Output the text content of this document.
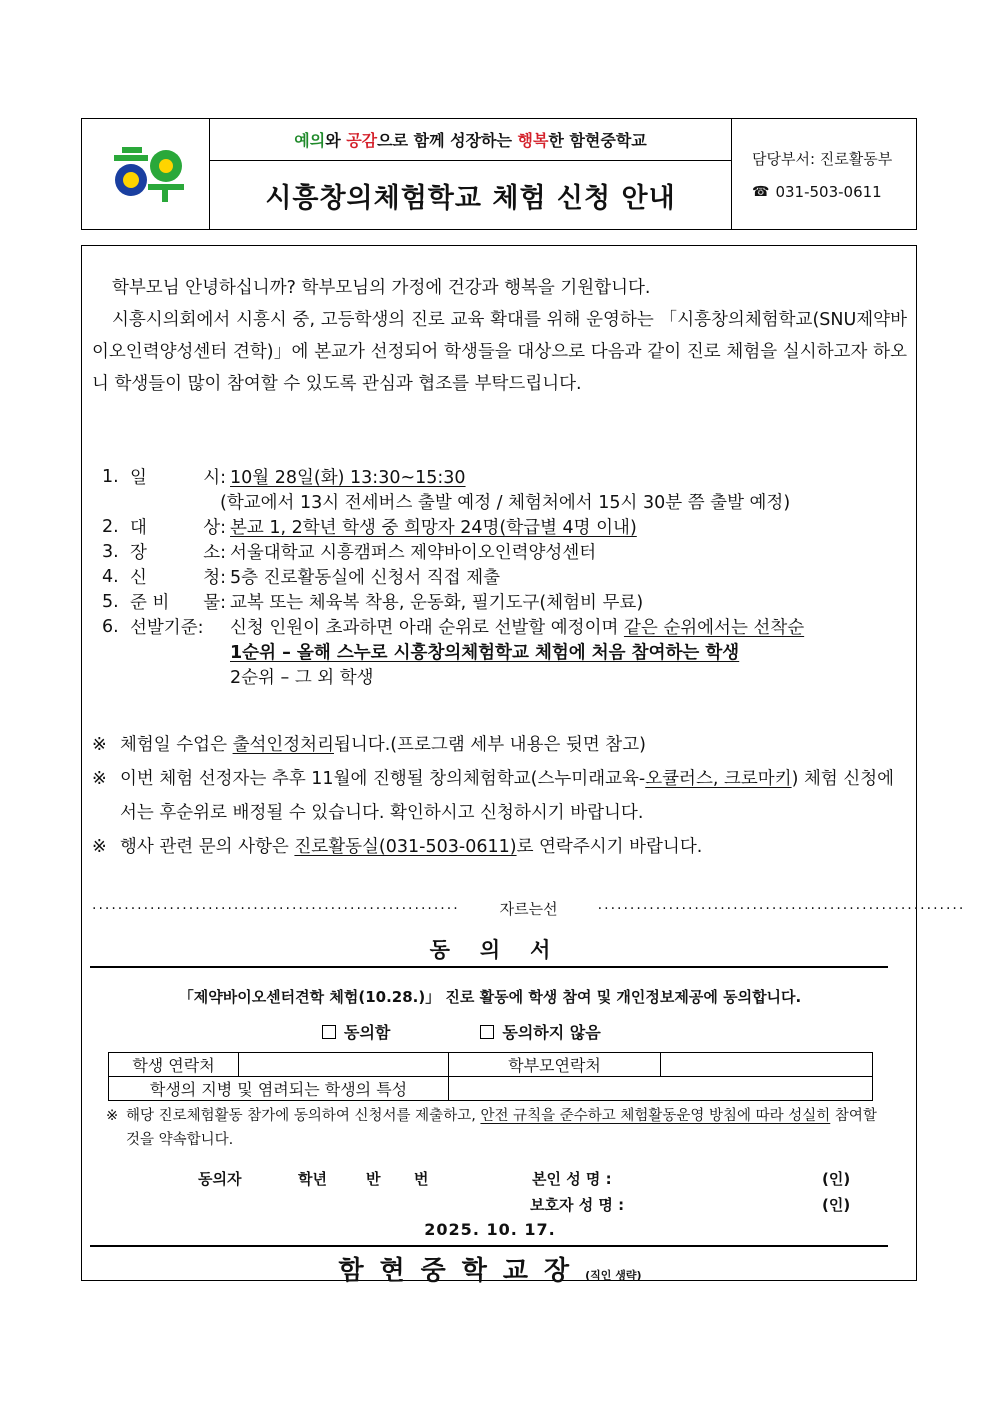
예의 와 공감 으로 함께 성장하는 행복 한 함현중학교
시흥창의체험학교 체험 신청 안내
담당부서: 진로활동부
☎ 031-503-0611

학부모님 안녕하십니까? 학부모님의 가정에 건강과 행복을 기원합니다.

시흥시의회에서 시흥시 중, 고등학생의 진로 교육 확대를 위해 운영하는 「시흥창의체험학교(SNU제약바이오인력양성센터 견학)」에 본교가 선정되어 학생들을 대상으로 다음과 같이 진로 체험을 실시하고자 하오니 학생들이 많이 참여할 수 있도록 관심과 협조를 부탁드립니다.

1. 일	시: 10월 28일(화) 13:30~15:30
(학교에서 13시 전세버스 출발 예정 / 체험처에서 15시 30분 쯤 출발 예정)
2. 대	상: 본교 1, 2학년 학생 중 희망자 24명(학급별 4명 이내)
3. 장	소: 서울대학교 시흥캠퍼스 제약바이오인력양성센터
4. 신	청: 5층 진로활동실에 신청서 직접 제출
5. 준 비 물: 교복 또는 체육복 착용, 운동화, 필기도구(체험비 무료)
6. 선발기준:	신청 인원이 초과하면 아래 순위로 선발할 예정이며 같은 순위에서는 선착순
1순위 – 올해 스누로 시흥창의체험학교 체험에 처음 참여하는 학생
2순위 – 그 외 학생
※ 체험일 수업은 출석인정처리됩니다.(프로그램 세부 내용은 뒷면 참고)
※ 이번 체험 선정자는 추후 11월에 진행될 창의체험학교(스누미래교육-오큘러스, 크로마키) 체험 신청에서는 후순위로 배정될 수 있습니다. 확인하시고 신청하시기 바랍니다.
※ 행사 관련 문의 사항은 진로활동실(031-503-0611)로 연락주시기 바랍니다.
·························································	자 르 는 선	·························································
동의서
「제약바이오센터견학 체험(10.28.)」 진로 활동에 학생 참여 및 개인정보제공에 동의합니다.
동의함	동의하지 않음
학생 연락처		학부모연락처	
학생의 지병 및 염려되는 학생의 특성			
※ 해당 진로체험활동 참가에 동의하여 신청서를 제출하고, 안전 규칙을 준수하고 체험활동운영 방침에 따라 성실히 참여할 것을 약속합니다.
동의자	학년	반 번	본인 성 명 :	(인)
보호자 성 명 :	(인)
2025. 10. 17.
함현중학교장(직인 생략)
